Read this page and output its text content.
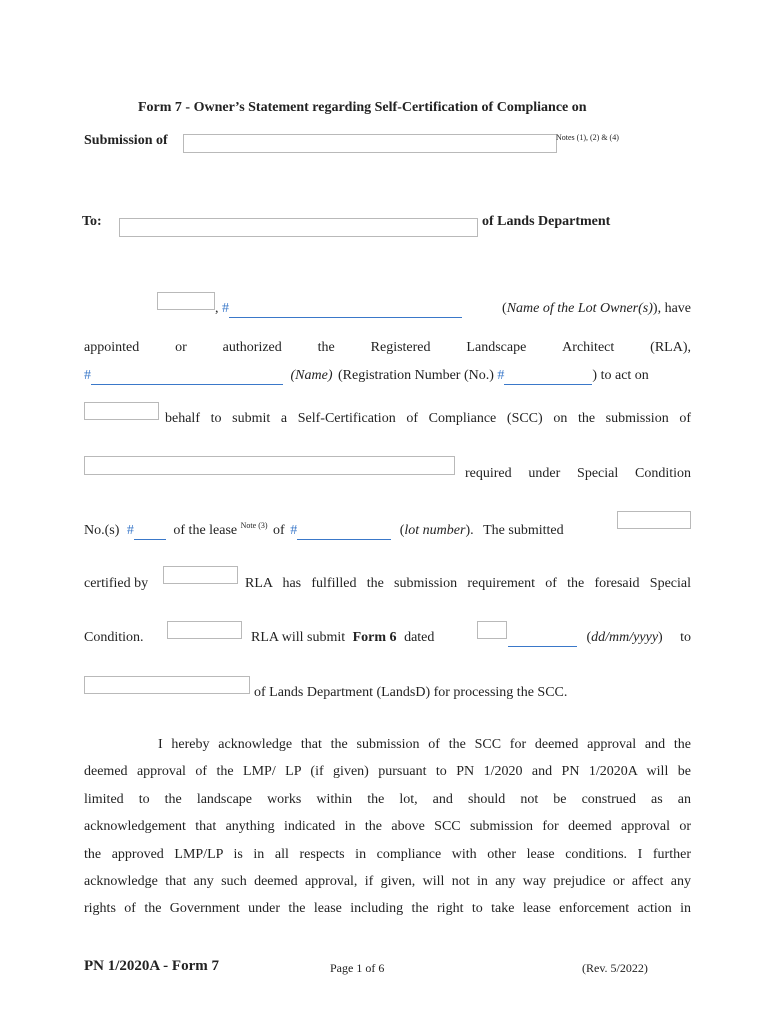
Form 7 - Owner’s Statement regarding Self-Certification of Compliance on
Submission of	Notes (1), (2) & (4)
To:	of Lands Department
, #	(Name of the Lot Owner(s)), have
appointed	or	authorized	the	Registered	Landscape	Architect	(RLA),
#	(Name) (Registration Number (No.) #	) to act on
behalf to submit a Self-Certification of Compliance (SCC) on the submission of
required under Special Condition
No.(s) #	of the lease $^{Note (3)}$ of #	(lot number). The submitted
certified by	RLA has fulfilled the submission requirement of the foresaid Special
Condition.	RLA will submit Form 6 dated	(dd/mm/yyyy) to
of Lands Department (LandsD) for processing the SCC.
I hereby acknowledge that the submission of the SCC for deemed approval and the
deemed approval of the LMP/ LP (if given) pursuant to PN 1/2020 and PN 1/2020A will be
limited to the landscape works within the lot, and should not be construed as an
acknowledgement that anything indicated in the above SCC submission for deemed approval or
the approved LMP/LP is in all respects in compliance with other lease conditions. I further
acknowledge that any such deemed approval, if given, will not in any way prejudice or affect any
rights of the Government under the lease including the right to take lease enforcement action in
PN 1/2020A - Form 7	Page 1 of 6	(Rev. 5/2022)
